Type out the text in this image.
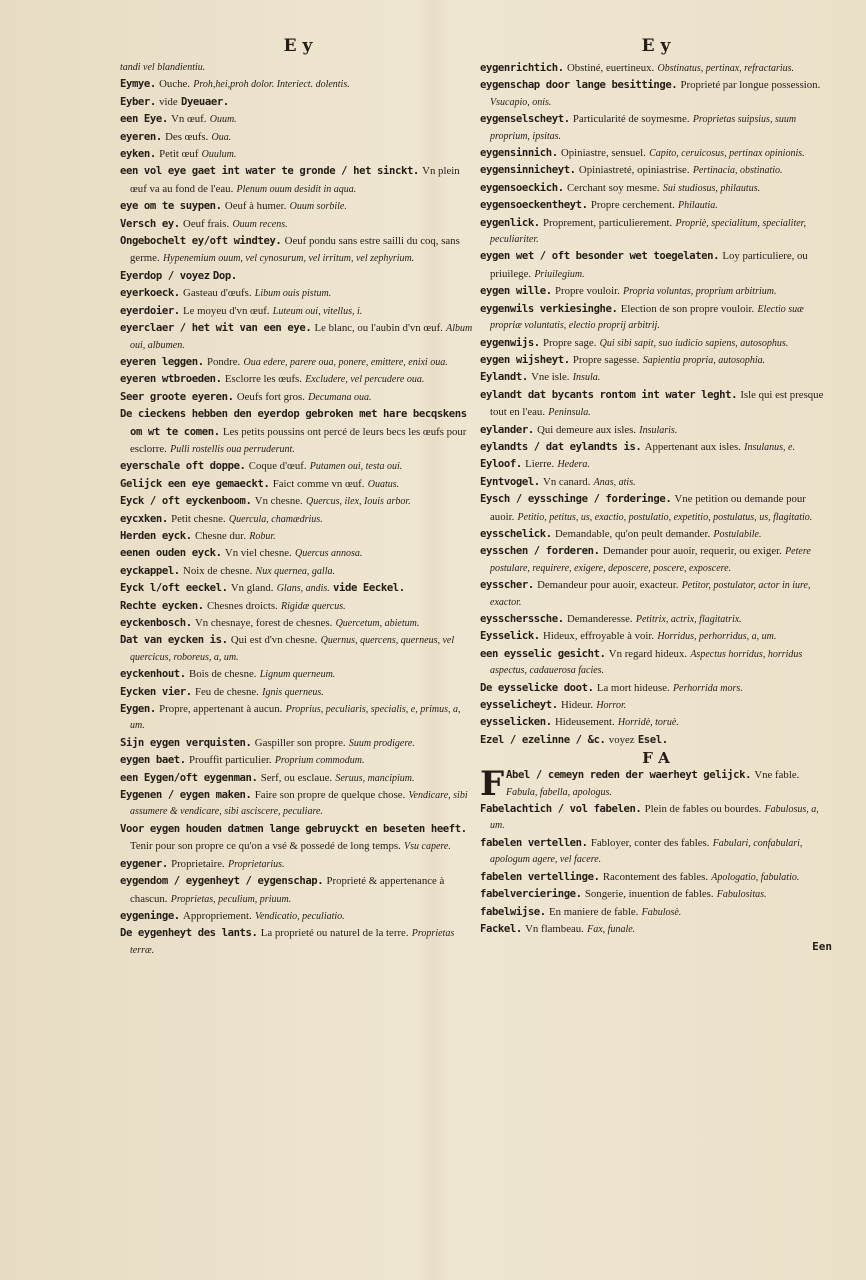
E y

tandi vel blandientiu.

Eymye. Ouche. Proh,hei,proh dolor. Interiect. dolentis.

Eyber. vide Dyeuaer.

een Eye. Vn œuf. Ouum.

eyeren. Des œufs. Oua.

eyken. Petit œuf Ouulum.

een vol eye gaet int water te gronde / het sinckt. Vn plein œuf va au fond de l'eau. Plenum ouum desidit in aqua.

eye om te suypen. Oeuf à humer. Ouum sorbile.

Versch ey. Oeuf frais. Ouum recens.

Ongebochelt ey/oft windtey. Oeuf pondu sans estre sailli du coq, sans germe. Hypenemium ouum, vel cynosurum, vel irritum, vel zephyrium.

Eyerdop / voyez Dop.

eyerkoeck. Gasteau d'œufs. Libum ouis pistum.

eyerdoier. Le moyeu d'vn œuf. Luteum oui, vitellus, i.

eyerclaer / het wit van een eye. Le blanc, ou l'aubin d'vn œuf. Album oui, albumen.

eyeren leggen. Pondre. Oua edere, parere oua, ponere, emittere, enixi oua.

eyeren wtbroeden. Esclorre les œufs. Excludere, vel percudere oua.

Seer groote eyeren. Oeufs fort gros. Decumana oua.

De cieckens hebben den eyerdop gebroken met hare becqskens om wt te comen. Les petits poussins ont percé de leurs becs les œufs pour esclorre. Pulli rostellis oua perruderunt.

eyerschale oft doppe. Coque d'œuf. Putamen oui, testa oui.

Gelijck een eye gemaeckt. Faict comme vn œuf. Ouatus.

Eyck / oft eyckenboom. Vn chesne. Quercus, ilex, Iouis arbor.

eycxken. Petit chesne. Quercula, chamædrius.

Herden eyck. Chesne dur. Robur.

eenen ouden eyck. Vn viel chesne. Quercus annosa.

eyckappel. Noix de chesne. Nux quernea, galla.

Eyck l/oft eeckel. Vn gland. Glans, andis. vide Eeckel.

Rechte eycken. Chesnes droicts. Rigidæ quercus.

eyckenbosch. Vn chesnaye, forest de chesnes. Quercetum, abietum.

Dat van eycken is. Qui est d'vn chesne. Quernus, quercens, querneus, vel quercicus, roboreus, a, um.

eyckenhout. Bois de chesne. Lignum querneum.

Eycken vier. Feu de chesne. Ignis querneus.

Eygen. Propre, appertenant à aucun. Proprius, peculiaris, specialis, e, primus, a, um.

Sijn eygen verquisten. Gaspiller son propre. Suum prodigere.

eygen baet. Prouffit particulier. Proprium commodum.

een Eygen/oft eygenman. Serf, ou esclaue. Seruus, mancipium.

Eygenen / eygen maken. Faire son propre de quelque chose. Vendicare, sibi assumere & vendicare, sibi asciscere, peculiare.

Voor eygen houden datmen lange gebruyckt en beseten heeft. Tenir pour son propre ce qu'on a vsé & possedé de long temps. Vsu capere.

eygener. Proprietaire. Proprietarius.

eygendom / eygenheyt / eygenschap. Proprieté & appertenance à chascun. Proprietas, peculium, priuum.

eygeninge. Appropriement. Vendicatio, peculiatio.

De eygenheyt des lants. La proprieté ou naturel de la terre. Proprietas terræ.

E y

eygenrichtich. Obstiné, euertineux. Obstinatus, pertinax, refractarius.

eygenschap door lange besittinge. Proprieté par longue possession. Vsucapio, onis.

eygenselscheyt. Particularité de soymesme. Proprietas suipsius, suum proprium, ipsitas.

eygensinnich. Opiniastre, sensuel. Capito, ceruicosus, pertinax opinionis.

eygensinnicheyt. Opiniastreté, opiniastrise. Pertinacia, obstinatio.

eygensoeckich. Cerchant soy mesme. Sui studiosus, philautus.

eygensoeckentheyt. Propre cerchement. Philautia.

eygenlick. Proprement, particulierement. Propriè, specialitum, specialiter, peculiariter.

eygen wet / oft besonder wet toegelaten. Loy particuliere, ou priuilege. Priuilegium.

eygen wille. Propre vouloir. Propria voluntas, proprium arbitrium.

eygenwils verkiesinghe. Election de son propre vouloir. Electio suæ propriæ voluntatis, electio proprij arbitrij.

eygenwijs. Propre sage. Qui sibi sapit, suo iudicio sapiens, autosophus.

eygen wijsheyt. Propre sagesse. Sapientia propria, autosophia.

Eylandt. Vne isle. Insula.

eylandt dat bycants rontom int water leght. Isle qui est presque tout en l'eau. Peninsula.

eylander. Qui demeure aux isles. Insularis.

eylandts / dat eylandts is. Appertenant aux isles. Insulanus, e.

Eyloof. Lierre. Hedera.

Eyntvogel. Vn canard. Anas, atis.

Eysch / eysschinge / forderinge. Vne petition ou demande pour auoir. Petitio, petitus, us, exactio, postulatio, expetitio, postulatus, us, flagitatio.

eysschelick. Demandable, qu'on peult demander. Postulabile.

eysschen / forderen. Demander pour auoir, requerir, ou exiger. Petere postulare, requirere, exigere, deposcere, poscere, exposcere.

eysscher. Demandeur pour auoir, exacteur. Petitor, postulator, actor in iure, exactor.

eysscherssche. Demanderesse. Petitrix, actrix, flagitatrix.

Eysselick. Hideux, effroyable à voir. Horridus, perhorridus, a, um.

een eysselic gesicht. Vn regard hideux. Aspectus horridus, horridus aspectus, cadauerosa facies.

De eysselicke doot. La mort hideuse. Perhorrida mors.

eysselicheyt. Hideur. Horror.

eysselicken. Hideusement. Horridè, toruè.

Ezel / ezelinne / &c. voyez Esel.

F A

F Abel / cemeyn reden der waerheyt gelijck. Vne fable. Fabula, fabella, apologus.

Fabelachtich / vol fabelen. Plein de fables ou bourdes. Fabulosus, a, um.

fabelen vertellen. Fabloyer, conter des fables. Fabulari, confabulari, apologum agere, vel facere.

fabelen vertellinge. Racontement des fables. Apologatio, fabulatio.

fabelvercieringe. Songerie, inuention de fables. Fabulositas.

fabelwijse. En maniere de fable. Fabulosè.

Fackel. Vn flambeau. Fax, funale.

Een
